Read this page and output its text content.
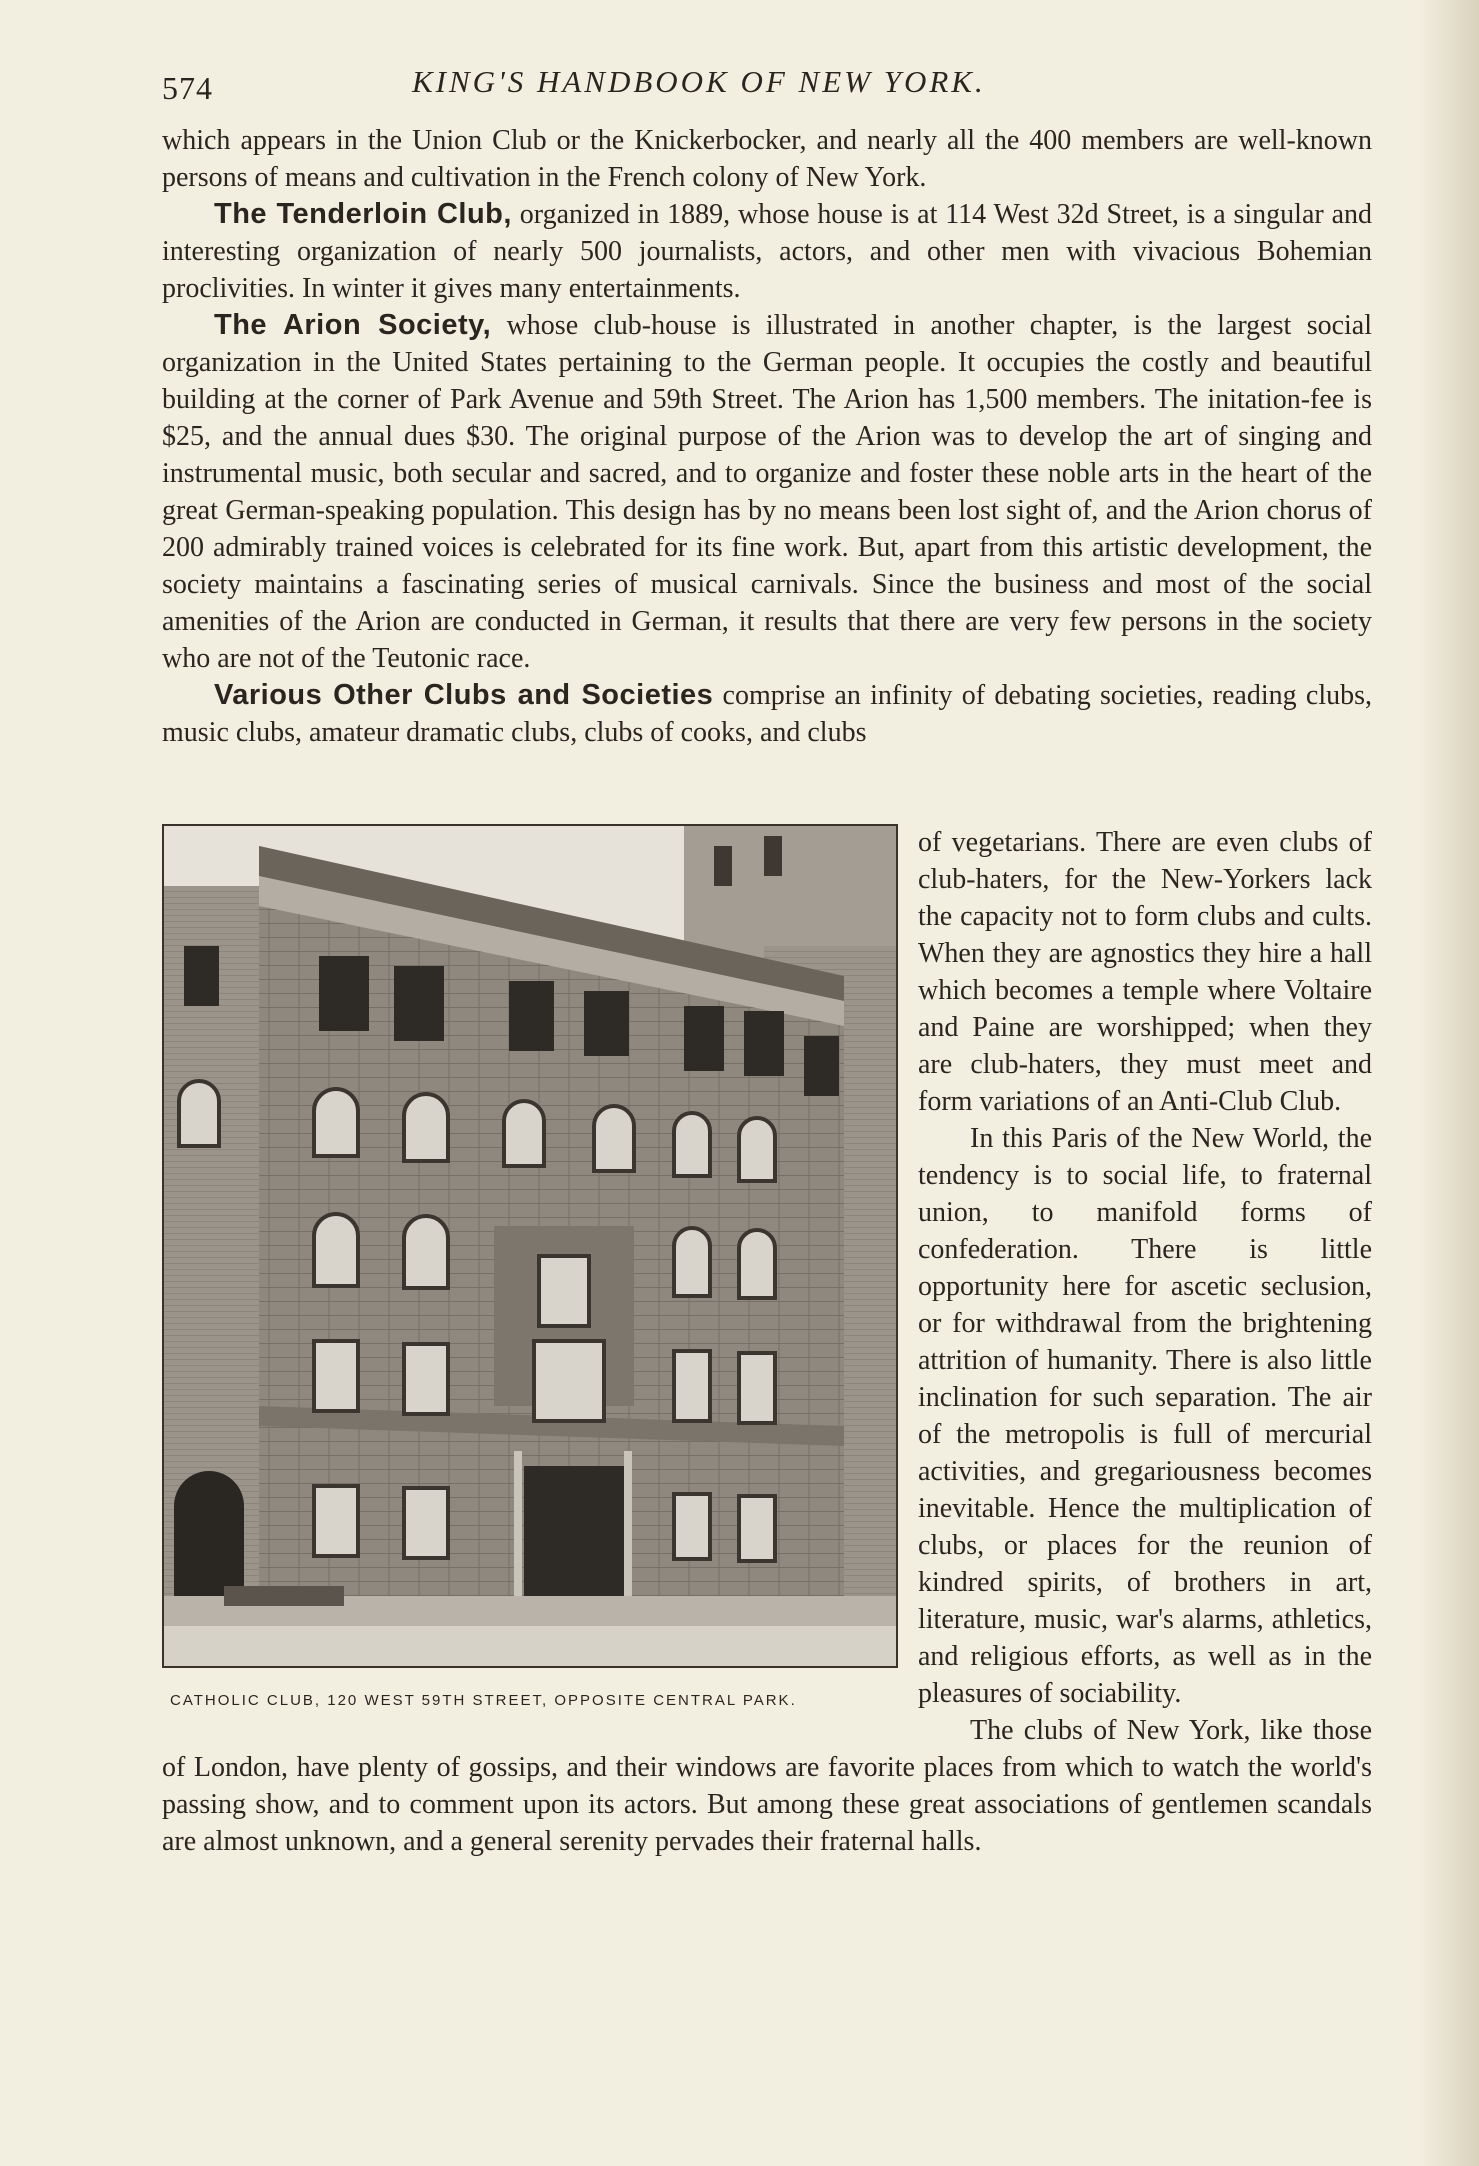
574	KING'S HANDBOOK OF NEW YORK.

which appears in the Union Club or the Knickerbocker, and nearly all the 400 members are well-known persons of means and cultivation in the French colony of New York.

The Tenderloin Club, organized in 1889, whose house is at 114 West 32d Street, is a singular and interesting organization of nearly 500 journalists, actors, and other men with vivacious Bohemian proclivities. In winter it gives many entertainments.

The Arion Society, whose club-house is illustrated in another chapter, is the largest social organization in the United States pertaining to the German people. It occupies the costly and beautiful building at the corner of Park Avenue and 59th Street. The Arion has 1,500 members. The initation-fee is $25, and the annual dues $30. The original purpose of the Arion was to develop the art of singing and instrumental music, both secular and sacred, and to organize and foster these noble arts in the heart of the great German-speaking population. This design has by no means been lost sight of, and the Arion chorus of 200 admirably trained voices is celebrated for its fine work. But, apart from this artistic development, the society maintains a fascinating series of musical carnivals. Since the business and most of the social amenities of the Arion are conducted in German, it results that there are very few persons in the society who are not of the Teutonic race.

Various Other Clubs and Societies comprise an infinity of debating societies, reading clubs, music clubs, amateur dramatic clubs, clubs of cooks, and clubs

CATHOLIC CLUB, 120 WEST 59TH STREET, OPPOSITE CENTRAL PARK.

of vegetarians. There are even clubs of club-haters, for the New-Yorkers lack the capacity not to form clubs and cults. When they are agnostics they hire a hall which becomes a temple where Voltaire and Paine are worshipped; when they are club-haters, they must meet and form variations of an Anti-Club Club.

In this Paris of the New World, the tendency is to social life, to fraternal union, to manifold forms of confederation. There is little opportunity here for ascetic seclusion, or for withdrawal from the brightening attrition of humanity. There is also little inclination for such separation. The air of the metropolis is full of mercurial activities, and gregariousness becomes inevitable. Hence the multiplication of clubs, or places for the reunion of kindred spirits, of brothers in art, literature, music, war's alarms, athletics, and religious efforts, as well as in the pleasures of sociability.

The clubs of New York, like those of London, have plenty of gossips, and their windows are favorite places from which to watch the world's passing show, and to comment upon its actors. But among these great associations of gentlemen scandals are almost unknown, and a general serenity pervades their fraternal halls.
